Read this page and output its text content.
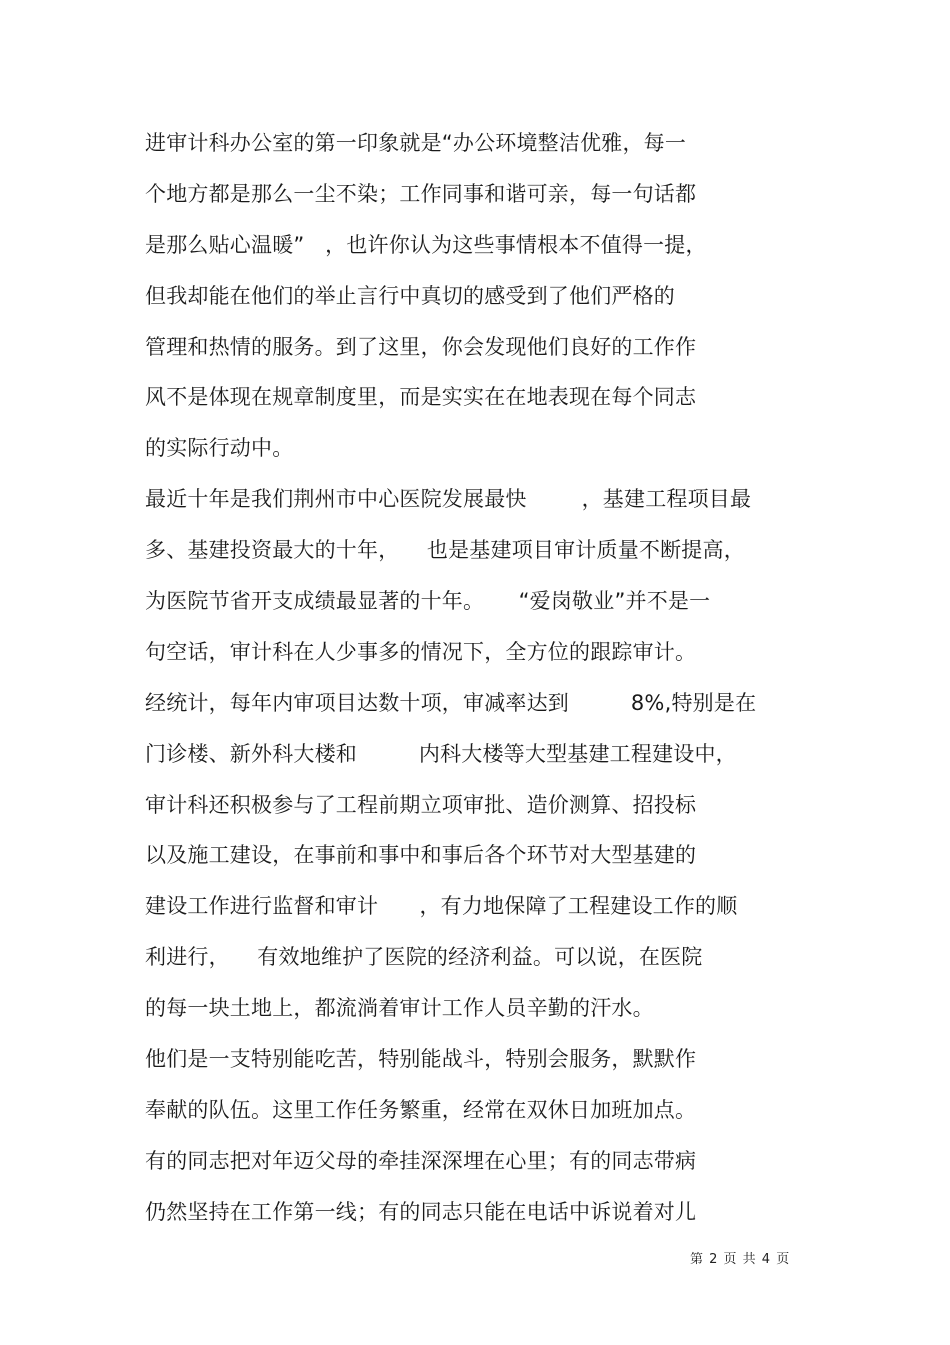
进审计科办公室的第一印象就是“办公环境整洁优雅，每一
个地方都是那么一尘不染；工作同事和谐可亲，每一句话都
是那么贴心温暖”   ，也许你认为这些事情根本不值得一提，
但我却能在他们的举止言行中真切的感受到了他们严格的
管理和热情的服务。到了这里，你会发现他们良好的工作作
风不是体现在规章制度里，而是实实在在地表现在每个同志
的实际行动中。
最近十年是我们荆州市中心医院发展最快        ，基建工程项目最
多、基建投资最大的十年，    也是基建项目审计质量不断提高，
为医院节省开支成绩最显著的十年。     “爱岗敬业”并不是一
句空话，审计科在人少事多的情况下，全方位的跟踪审计。
经统计，每年内审项目达数十项，审减率达到         8%,特别是在
门诊楼、新外科大楼和         内科大楼等大型基建工程建设中，
审计科还积极参与了工程前期立项审批、造价测算、招投标
以及施工建设，在事前和事中和事后各个环节对大型基建的
建设工作进行监督和审计      ，有力地保障了工程建设工作的顺
利进行，    有效地维护了医院的经济利益。可以说，在医院
的每一块土地上，都流淌着审计工作人员辛勤的汗水。
他们是一支特别能吃苦，特别能战斗，特别会服务，默默作
奉献的队伍。这里工作任务繁重，经常在双休日加班加点。
有的同志把对年迈父母的牵挂深深埋在心里；有的同志带病
仍然坚持在工作第一线；有的同志只能在电话中诉说着对儿
第 2 页 共 4 页
